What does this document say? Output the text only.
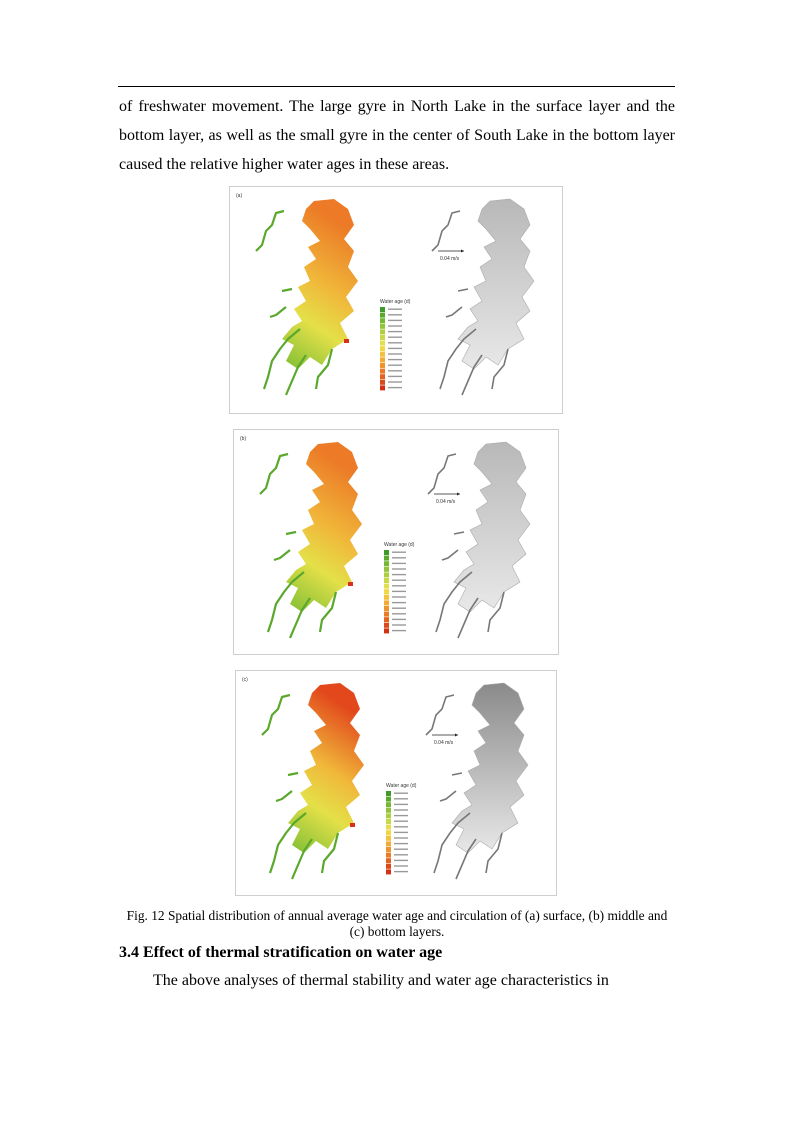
of freshwater movement. The large gyre in North Lake in the surface layer and the bottom layer, as well as the small gyre in the center of South Lake in the bottom layer caused the relative higher water ages in these areas.

(a)
Water age (d)
0.04 m/s
(b)
Water age (d)
0.04 m/s
(c)
Water age (d)
0.04 m/s
Fig. 12 Spatial distribution of annual average water age and circulation of (a) surface, (b) middle and (c) bottom layers.
3.4 Effect of thermal stratification on water age

The above analyses of thermal stability and water age characteristics in
